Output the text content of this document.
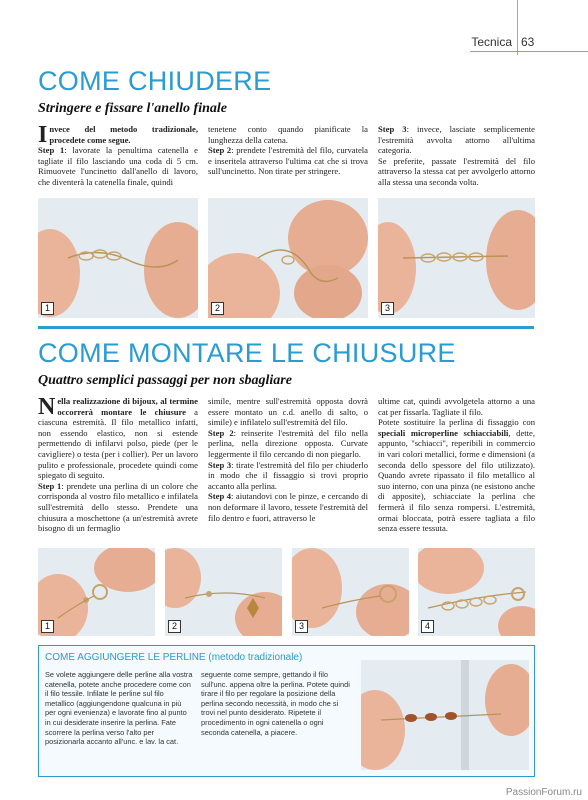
Tecnica 63
COME CHIUDERE
Stringere e fissare l'anello finale
Invece del metodo tradizionale, procedete come segue.
Step 1: lavorate la penultima catenella e tagliate il filo lasciando una coda di 5 cm. Rimuovete l'uncinetto dall'anello di lavoro, che diventerà la catenella finale, quindi
tenetene conto quando pianificate la lunghezza della catena.
Step 2: prendete l'estremità del filo, curvatela e inseritela attraverso l'ultima cat che si trova sull'uncinetto. Non tirate per stringere.
Step 3: invece, lasciate semplicemente l'estremità avvolta attorno all'ultima categoria.
Se preferite, passate l'estremità del filo attraverso la stessa cat per avvolgerlo attorno alla stessa una seconda volta.
1	2	3
COME MONTARE LE CHIUSURE
Quattro semplici passaggi per non sbagliare
Nella realizzazione di bijoux, al termine occorrerà montare le chiusure a ciascuna estremità. Il filo metallico infatti, non essendo elastico, non si estende permettendo di infilarvi polso, piede (per le cavigliere) o testa (per i collier). Per un lavoro pulito e professionale, procedete quindi come spiegato di seguito.
Step 1: prendete una perlina di un colore che corrisponda al vostro filo metallico e infilatela sull'estremità dello stesso. Prendete una chiusura a moschettone (a un'estremità avrete bisogno di un fermaglio
simile, mentre sull'estremità opposta dovrà essere montato un c.d. anello di salto, o simile) e infilatelo sull'estremità del filo.
Step 2: reinserite l'estremità del filo nella perlina, nella direzione opposta. Curvate leggermente il filo cercando di non piegarlo.
Step 3: tirate l'estremità del filo per chiuderlo in modo che il fissaggio si trovi proprio accanto alla perlina.
Step 4: aiutandovi con le pinze, e cercando di non deformare il lavoro, tessete l'estremità del filo dentro e fuori, attraverso le
ultime cat, quindi avvolgetela attorno a una cat per fissarla. Tagliate il filo.
Potete sostituire la perlina di fissaggio con speciali microperline schiacciabili, dette, appunto, "schiacci", reperibili in commercio in vari colori metallici, forme e dimensioni (a seconda dello spessore del filo utilizzato). Quando avrete ripassato il filo metallico al suo interno, con una pinza (ne esistono anche di apposite), schiacciate la perlina che fermerà il filo senza rompersi. L'estremità, ormai bloccata, potrà essere tagliata a filo senza essere tessuta.
1	2	3	4
COME AGGIUNGERE LE PERLINE (metodo tradizionale)
Se volete aggiungere delle perline alla vostra catenella, potete anche procedere come con il filo tessile. Infilate le perline sul filo metallico (aggiungendone qualcuna in più per ogni evenienza) e lavorate fino al punto in cui desiderate inserire la perlina. Fate scorrere la perlina verso l'alto per posizionarla accanto all'unc. e lav. la cat.
seguente come sempre, gettando il filo sull'unc. appena oltre la perlina. Potete quindi tirare il filo per regolare la posizione della perlina secondo necessità, in modo che si trovi nel punto desiderato. Ripetete il procedimento in ogni catenella o ogni seconda catenella, a piacere.
PassionForum.ru
